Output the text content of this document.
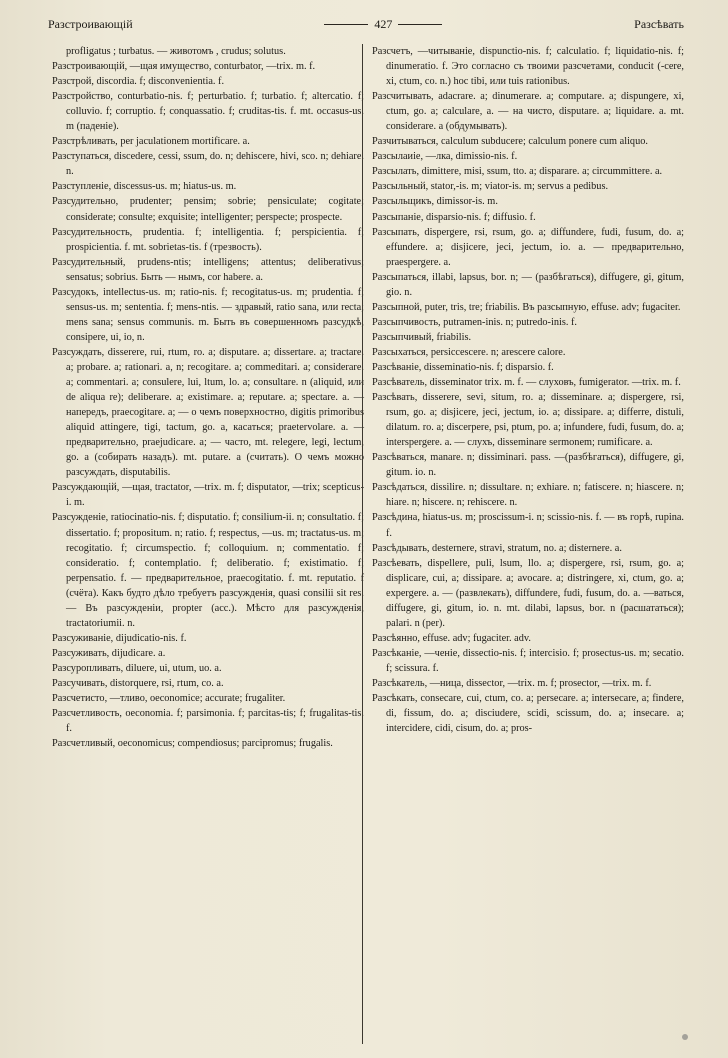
Разстроивающій	427	Разсѣвать

profligatus ; turbatus. — животомъ , crudus; solutus.

Разстроивающій, —щая имущество, conturbator, —trix. m. f.

Разстрой, discordia. f; disconvenientia. f.

Разстройство, conturbatio-nis. f; perturbatio. f; turbatio. f; altercatio. f; colluvio. f; corruptio. f; conquassatio. f; cruditas-tis. f. mt. occasus-us. m (паденіе).

Разстрѣливать, per jaculationem mortificare. a.

Разступаться, discedere, cessi, ssum, do. n; dehiscere, hivi, sco. n; dehiare. n.

Разступленіе, discessus-us. m; hiatus-us. m.

Разсудительно, prudenter; pensim; sobrie; pensiculate; cogitate; considerate; consulte; exquisite; intelligenter; perspecte; prospecte.

Разсудительность, prudentia. f; intelligentia. f; perspicientia. f; prospicientia. f. mt. sobrietas-tis. f (трезвость).

Разсудительный, prudens-ntis; intelligens; attentus; deliberativus; sensatus; sobrius. Быть — нымъ, cor habere. a.

Разсудокъ, intellectus-us. m; ratio-nis. f; recogitatus-us. m; prudentia. f; sensus-us. m; sententia. f; mens-ntis. — здравый, ratio sana, или recta; mens sana; sensus communis. m. Быть въ совершенномъ разсудкѣ, consipere, ui, io, n.

Разсуждать, disserere, rui, rtum, ro. a; disputare. a; dissertare. a; tractare. a; probare. a; rationari. a, n; recogitare. a; commeditari. a; considerare. a; commentari. a; consulere, lui, ltum, lo. a; consultare. n (aliquid, или de aliqua re); deliberare. a; existimare. a; reputare. a; spectare. a. — напередъ, praecogitare. a; — о чемъ поверхностно, digitis primoribus aliquid attingere, tigi, tactum, go. a, касаться; praetervolare. a. — предварительно, praejudicare. a; — часто, mt. relegere, legi, lectum, go. a (собирать назадъ). mt. putare. a (считать). О чемъ можно разсуждать, disputabilis.

Разсуждающій, —щая, tractator, —trix. m. f; disputator, —trix; scepticus-i. m.

Разсужденіе, ratiocinatio-nis. f; disputatio. f; consilium-ii. n; consultatio. f; dissertatio. f; propositum. n; ratio. f; respectus, —us. m; tractatus-us. m; recogitatio. f; circumspectio. f; colloquium. n; commentatio. f; consideratio. f; contemplatio. f; deliberatio. f; existimatio. f; perpensatio. f. — предварительное, praecogitatio. f. mt. reputatio. f (счёта). Какъ будто дѣло требуетъ разсужденія, quasi consilii sit res. — Въ разсужденіи, propter (acc.). Мѣсто для разсужденія, tractatoriumii. n.

Разсуживаніе, dijudicatio-nis. f.

Разсуживать, dijudicare. a.

Разсуропливать, diluere, ui, utum, uo. a.

Разсучивать, distorquere, rsi, rtum, co. a.

Разсчетисто, —тливо, oeconomice; accurate; frugaliter.

Разсчетливость, oeconomia. f; parsimonia. f; parcitas-tis; f; frugalitas-tis. f.

Разсчетливый, oeconomicus; compendiosus; parcipromus; frugalis.

Разсчетъ, —читываніе, dispunctio-nis. f; calculatio. f; liquidatio-nis. f; dinumeratio. f. Это согласно съ твоими разсчетами, conducit (-cere, xi, ctum, co. n.) hoc tibi, или tuis rationibus.

Разсчитывать, adacrare. a; dinumerare. a; computare. a; dispungere, xi, ctum, go. a; calculare, a. — на чисто, disputare. a; liquidare. a. mt. considerare. a (обдумывать).

Разчитываться, calculum subducere; calculum ponere cum aliquo.

Разсылаиіе, —лка, dimissio-nis. f.

Разсылать, dimittere, misi, ssum, tto. a; disparare. a; circummittere. a.

Разсыльный, stator,-is. m; viator-is. m; servus a pedibus.

Разсыльщикъ, dimissor-is. m.

Разсыпаніе, disparsio-nis. f; diffusio. f.

Разсыпать, dispergere, rsi, rsum, go. a; diffundere, fudi, fusum, do. a; effundere. a; disjicere, jeci, jectum, io. a. — предварительно, praespergere. a.

Разсыпаться, illabi, lapsus, bor. n; — (разбѣгаться), diffugere, gi, gitum, gio. n.

Разсыпной, puter, tris, tre; friabilis. Въ разсыпную, effuse. adv; fugaciter.

Разсыпчивость, putramen-inis. n; putredo-inis. f.

Разсыпчивый, friabilis.

Разсыхаться, persiccescere. n; arescere calore.

Разсѣваніе, disseminatio-nis. f; disparsio. f.

Разсѣватель, disseminator trix. m. f. — слуховъ, fumigerator. —trix. m. f.

Разсѣвать, disserere, sevi, situm, ro. a; disseminare. a; dispergere, rsi, rsum, go. a; disjicere, jeci, jectum, io. a; dissipare. a; differre, distuli, dilatum. ro. a; discerpere, psi, ptum, po. a; infundere, fudi, fusum, do. a; interspergere. a. — слухъ, disseminare sermonem; rumificare. a.

Разсѣваться, manare. n; dissiminari. pass. —(разбѣгаться), diffugere, gi, gitum. io. n.

Разсѣдаться, dissilire. n; dissultare. n; exhiare. n; fatiscere. n; hiascere. n; hiare. n; hiscere. n; rehiscere. n.

Разсѣдина, hiatus-us. m; proscissum-i. n; scissio-nis. f. — въ горѣ, rupina. f.

Разсѣдывать, desternere, stravi, stratum, no. a; disternere. a.

Разсѣевать, dispellere, puli, lsum, llo. a; dispergere, rsi, rsum, go. a; displicare, cui, a; dissipare. a; avocare. a; distringere, xi, ctum, go. a; expergere. a. — (развлекать), diffundere, fudi, fusum, do. a. —ваться, diffugere, gi, gitum, io. n. mt. dilabi, lapsus, bor. n (расшататься); palari. n (per).

Разсѣянно, effuse. adv; fugaciter. adv.

Разсѣканіе, —ченіе, dissectio-nis. f; intercisio. f; prosectus-us. m; secatio. f; scissura. f.

Разсѣкатель, —ница, dissector, —trix. m. f; prosector, —trix. m. f.

Разсѣкать, consecare, cui, ctum, co. a; persecare. a; intersecare, a; findere, di, fissum, do. a; disciudere, scidi, scissum, do. a; insecare. a; intercidere, cidi, cisum, do. a; pros-
